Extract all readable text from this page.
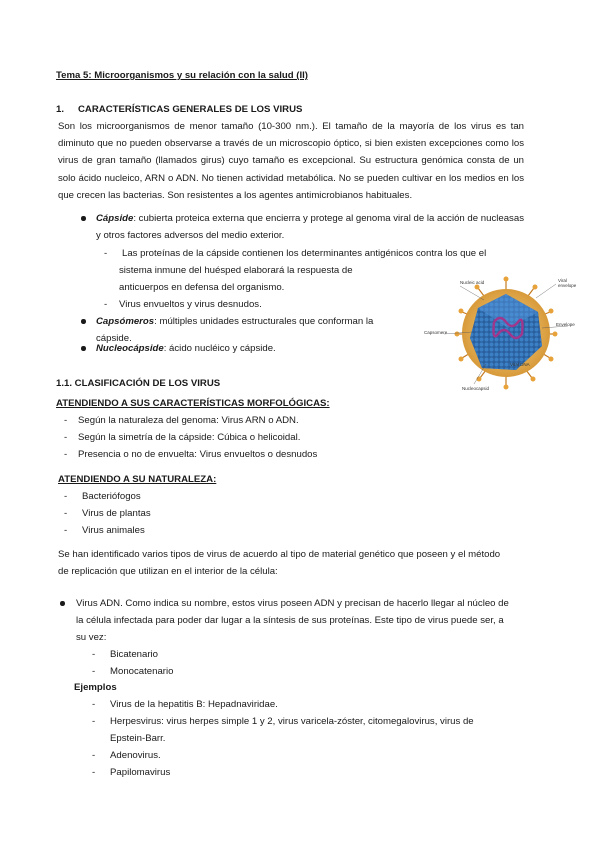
Tema 5: Microorganismos y su relación con la salud (II)
1. CARACTERÍSTICAS GENERALES DE LOS VIRUS
Son los microorganismos de menor tamaño (10-300 nm.). El tamaño de la mayoría de los virus es tan diminuto que no pueden observarse a través de un microscopio óptico, si bien existen excepciones como los virus de gran tamaño (llamados girus) cuyo tamaño es excepcional. Su estructura genómica consta de un solo ácido nucleico, ARN o ADN. No tienen actividad metabólica. No se pueden cultivar en los medios en los que crecen las bacterias. Son resistentes a los agentes antimicrobianos habituales.
Cápside: cubierta proteica externa que encierra y protege al genoma viral de la acción de nucleasas y otros factores adversos del medio exterior.
- Las proteínas de la cápside contienen los determinantes antigénicos contra los que el
sistema inmune del huésped elaborará la respuesta de
anticuerpos en defensa del organismo.
- Virus envueltos y virus desnudos.
Capsómeros: múltiples unidades estructurales que conforman la
cápside.
Nucleocápside: ácido nucléico y cápside.
Nucleic acid	Viral envelope
Capsomere
Envelope
Viral DNA
Nucleocapsid
1.1. CLASIFICACIÓN DE LOS VIRUS
ATENDIENDO A SUS CARACTERÍSTICAS MORFOLÓGICAS:
- Según la naturaleza del genoma: Virus ARN o ADN.
- Según la simetría de la cápside: Cúbica o helicoidal.
- Presencia o no de envuelta: Virus envueltos o desnudos
ATENDIENDO A SU NATURALEZA:
- Bacteriófogos
- Virus de plantas
- Virus animales
Se han identificado varios tipos de virus de acuerdo al tipo de material genético que poseen y el método
de replicación que utilizan en el interior de la célula:
Virus ADN. Como indica su nombre, estos virus poseen ADN y precisan de hacerlo llegar al núcleo de
la célula infectada para poder dar lugar a la síntesis de sus proteínas. Este tipo de virus puede ser, a
su vez:
- Bicatenario
- Monocatenario
Ejemplos
- Virus de la hepatitis B: Hepadnaviridae.
- Herpesvirus: virus herpes simple 1 y 2, virus varicela-zóster, citomegalovirus, virus de
Epstein-Barr.
- Adenovirus.
- Papilomavirus
